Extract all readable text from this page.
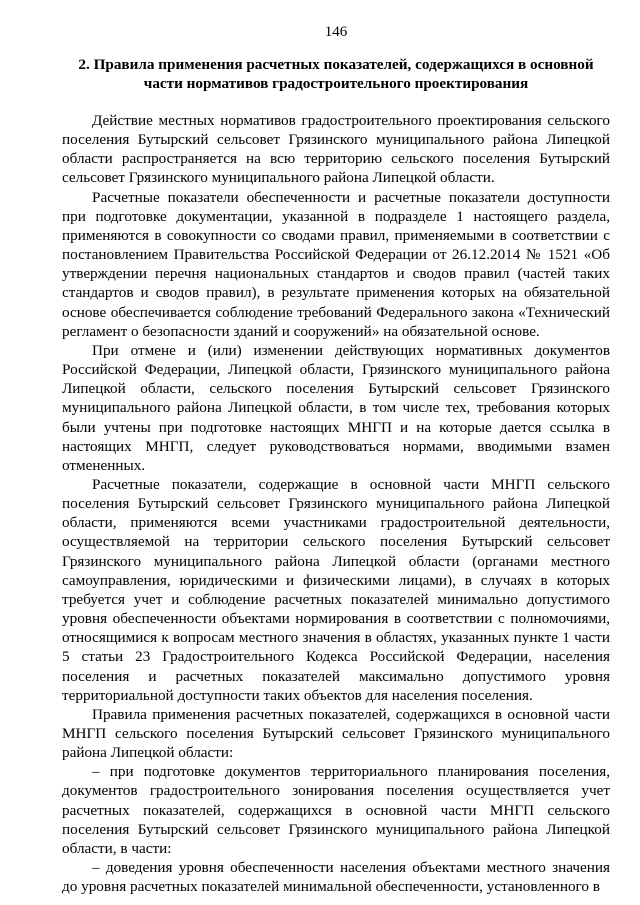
146
2. Правила применения расчетных показателей, содержащихся в основной
части нормативов градостроительного проектирования

Действие местных нормативов градостроительного проектирования сельского поселения Бутырский сельсовет Грязинского муниципального района Липецкой области распространяется на всю территорию сельского поселения Бутырский сельсовет Грязинского муниципального района Липецкой области.

Расчетные показатели обеспеченности и расчетные показатели доступности при подготовке документации, указанной в подразделе 1 настоящего раздела, применяются в совокупности со сводами правил, применяемыми в соответствии с постановлением Правительства Российской Федерации от 26.12.2014 № 1521 «Об утверждении перечня национальных стандартов и сводов правил (частей таких стандартов и сводов правил), в результате применения которых на обязательной основе обеспечивается соблюдение требований Федерального закона «Технический регламент о безопасности зданий и сооружений» на обязательной основе.

При отмене и (или) изменении действующих нормативных документов Российской Федерации, Липецкой области, Грязинского муниципального района Липецкой области, сельского поселения Бутырский сельсовет Грязинского муниципального района Липецкой области, в том числе тех, требования которых были учтены при подготовке настоящих МНГП и на которые дается ссылка в настоящих МНГП, следует руководствоваться нормами, вводимыми взамен отмененных.

Расчетные показатели, содержащие в основной части МНГП сельского поселения Бутырский сельсовет Грязинского муниципального района Липецкой области, применяются всеми участниками градостроительной деятельности, осуществляемой на территории сельского поселения Бутырский сельсовет Грязинского муниципального района Липецкой области (органами местного самоуправления, юридическими и физическими лицами), в случаях в которых требуется учет и соблюдение расчетных показателей минимально допустимого уровня обеспеченности объектами нормирования в соответствии с полномочиями, относящимися к вопросам местного значения в областях, указанных пункте 1 части 5 статьи 23 Градостроительного Кодекса Российской Федерации, населения поселения и расчетных показателей максимально допустимого уровня территориальной доступности таких объектов для населения поселения.

Правила применения расчетных показателей, содержащихся в основной части МНГП сельского поселения Бутырский сельсовет Грязинского муниципального района Липецкой области:

– при подготовке документов территориального планирования поселения, документов градостроительного зонирования поселения осуществляется учет расчетных показателей, содержащихся в основной части МНГП сельского поселения Бутырский сельсовет Грязинского муниципального района Липецкой области, в части:

– доведения уровня обеспеченности населения объектами местного значения до уровня расчетных показателей минимальной обеспеченности, установленного в
